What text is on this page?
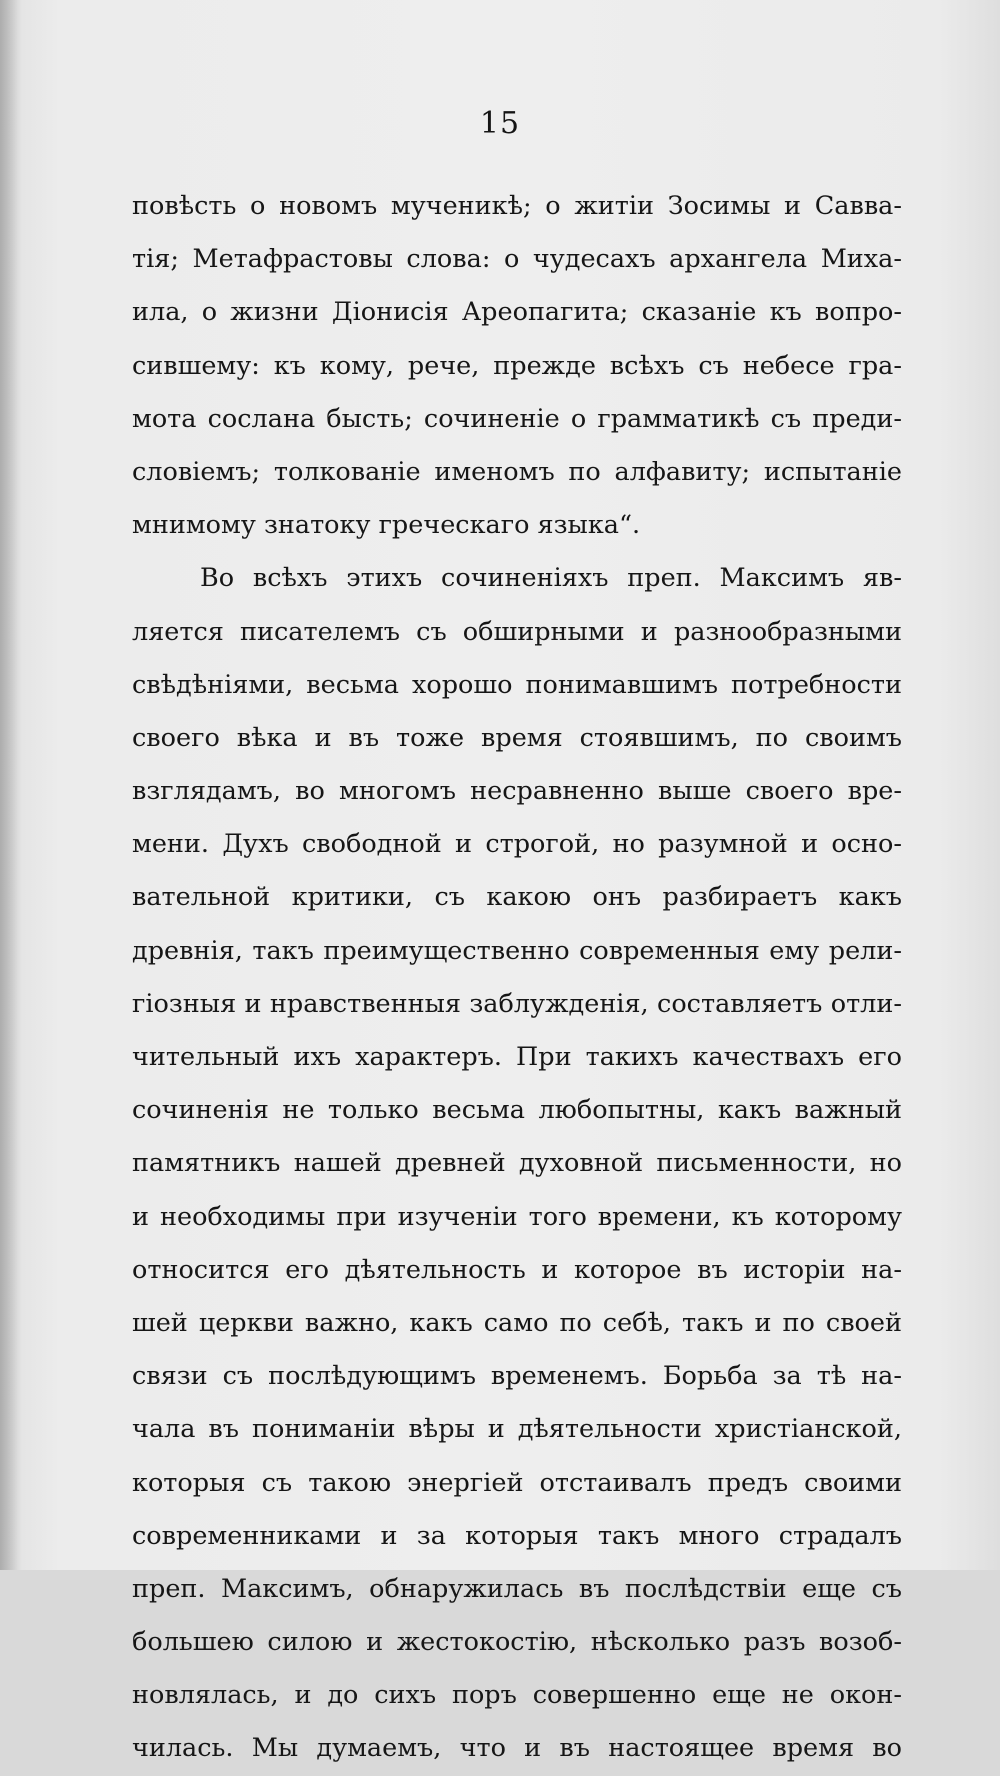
15
повѣсть о новомъ мученикѣ; о житіи Зосимы и Савва-
тія; Метафрастовы слова: о чудесахъ архангела Миха-
ила, о жизни Діонисія Ареопагита; сказаніе къ вопро-
сившему: къ кому, рече, прежде всѣхъ съ небесе гра-
мота сослана бысть; сочиненіе о грамматикѣ съ преди-
словіемъ; толкованіе именомъ по алфавиту; испытаніе
мнимому знатоку греческаго языка“.
Во всѣхъ этихъ сочиненіяхъ преп. Максимъ яв-
ляется писателемъ съ обширными и разнообразными
свѣдѣніями, весьма хорошо понимавшимъ потребности
своего вѣка и въ тоже время стоявшимъ, по своимъ
взглядамъ, во многомъ несравненно выше своего вре-
мени. Духъ свободной и строгой, но разумной и осно-
вательной критики, съ какою онъ разбираетъ какъ
древнія, такъ преимущественно современныя ему рели-
гіозныя и нравственныя заблужденія, составляетъ отли-
чительный ихъ характеръ. При такихъ качествахъ его
сочиненія не только весьма любопытны, какъ важный
памятникъ нашей древней духовной письменности, но
и необходимы при изученіи того времени, къ которому
относится его дѣятельность и которое въ исторіи на-
шей церкви важно, какъ само по себѣ, такъ и по своей
связи съ послѣдующимъ временемъ. Борьба за тѣ на-
чала въ пониманіи вѣры и дѣятельности христіанской,
которыя съ такою энергіей отстаивалъ предъ своими
современниками и за которыя такъ много страдалъ
преп. Максимъ, обнаружилась въ послѣдствіи еще съ
большею силою и жестокостію, нѣсколько разъ возоб-
новлялась, и до сихъ поръ совершенно еще не окон-
чилась. Мы думаемъ, что и въ настоящее время во
